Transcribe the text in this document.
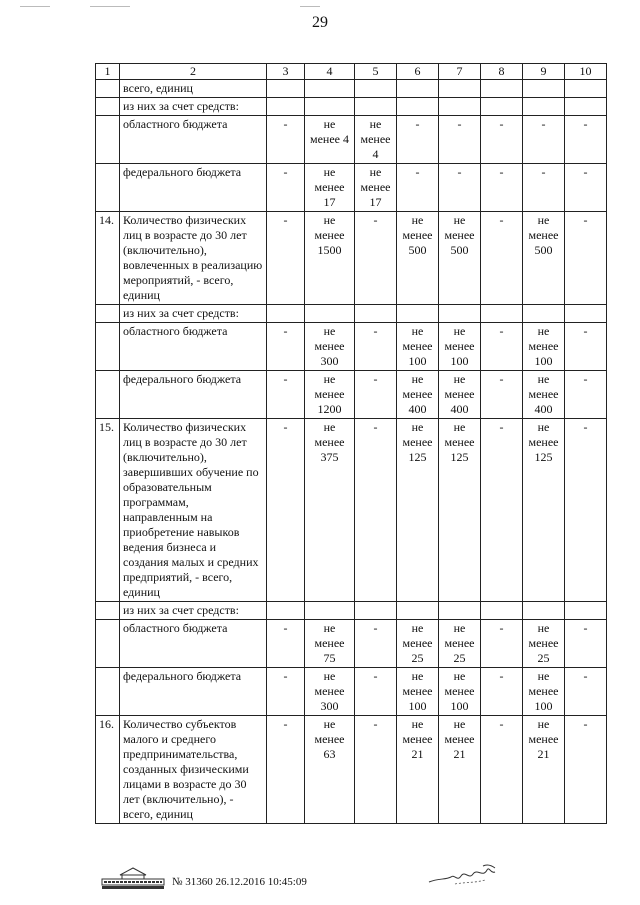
29
1	2	3	4	5	6	7	8	9	10
	всего, единиц								
	из них за счет средств:								
	областного бюджета	-	не менее 4	не менее 4	-	-	-	-	-
	федерального бюджета	-	не менее 17	не менее 17	-	-	-	-	-
14.	Количество физических лиц в возрасте до 30 лет (включительно), вовлеченных в реализацию мероприятий, - всего, единиц	-	не менее 1500	-	не менее 500	не менее 500	-	не менее 500	-
	из них за счет средств:								
	областного бюджета	-	не менее 300	-	не менее 100	не менее 100	-	не менее 100	-
	федерального бюджета	-	не менее 1200	-	не менее 400	не менее 400	-	не менее 400	-
15.	Количество физических лиц в возрасте до 30 лет (включительно), завершивших обучение по образовательным программам, направленным на приобретение навыков ведения бизнеса и создания малых и средних предприятий, - всего, единиц	-	не менее 375	-	не менее 125	не менее 125	-	не менее 125	-
	из них за счет средств:								
	областного бюджета	-	не менее 75	-	не менее 25	не менее 25	-	не менее 25	-
	федерального бюджета	-	не менее 300	-	не менее 100	не менее 100	-	не менее 100	-
16.	Количество субъектов малого и среднего предпринимательства, созданных физическими лицами в возрасте до 30 лет (включительно), - всего, единиц	-	не менее 63	-	не менее 21	не менее 21	-	не менее 21	-
№ 31360 26.12.2016 10:45:09
